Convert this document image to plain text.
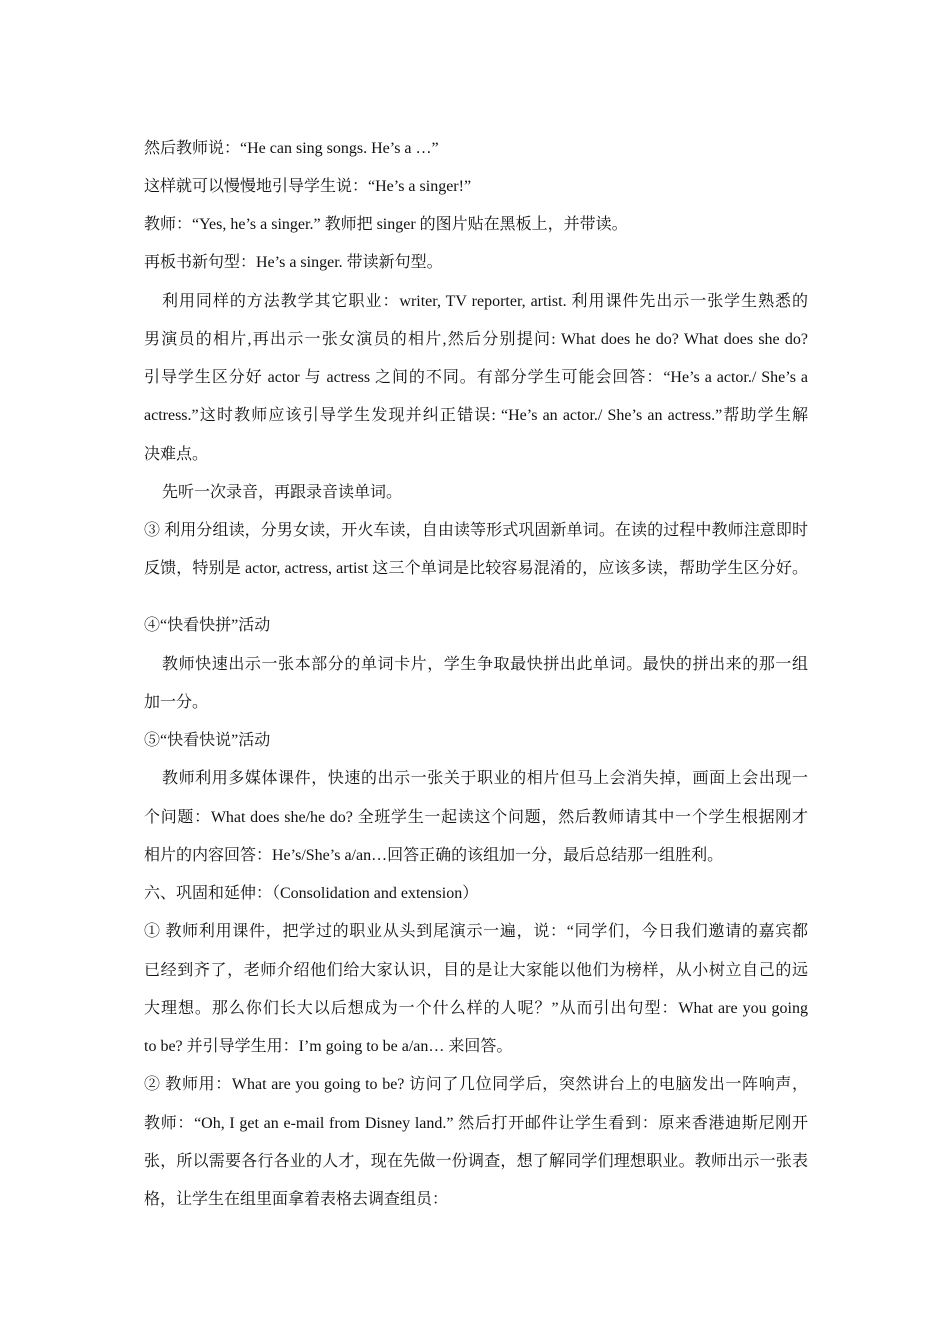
然后教师说：“He can sing songs. He’s a …”
这样就可以慢慢地引导学生说：“He’s a singer!”
教师：“Yes, he’s a singer.” 教师把 singer 的图片贴在黑板上，并带读。
再板书新句型：He’s a singer. 带读新句型。
利用同样的方法教学其它职业：writer, TV reporter, artist. 利用课件先出示一张学生熟悉的
男演员的相片,再出示一张女演员的相片,然后分别提问: What does he do? What does she do?
引导学生区分好 actor 与 actress 之间的不同。有部分学生可能会回答：“He’s a actor./ She’s a
actress.”这时教师应该引导学生发现并纠正错误: “He’s an actor./ She’s an actress.”帮助学生解
决难点。
先听一次录音，再跟录音读单词。
③ 利用分组读，分男女读，开火车读，自由读等形式巩固新单词。在读的过程中教师注意即时
反馈，特别是 actor, actress, artist 这三个单词是比较容易混淆的，应该多读，帮助学生区分好。
④“快看快拼”活动
教师快速出示一张本部分的单词卡片，学生争取最快拼出此单词。最快的拼出来的那一组
加一分。
⑤“快看快说”活动
教师利用多媒体课件，快速的出示一张关于职业的相片但马上会消失掉，画面上会出现一
个问题：What does she/he do? 全班学生一起读这个问题，然后教师请其中一个学生根据刚才
相片的内容回答：He’s/She’s a/an…回答正确的该组加一分，最后总结那一组胜利。
六、巩固和延伸：（Consolidation and extension）
① 教师利用课件，把学过的职业从头到尾演示一遍，说：“同学们，今日我们邀请的嘉宾都
已经到齐了，老师介绍他们给大家认识，目的是让大家能以他们为榜样，从小树立自己的远
大理想。那么你们长大以后想成为一个什么样的人呢？”从而引出句型：What are you going
to be? 并引导学生用：I’m going to be a/an… 来回答。
② 教师用：What are you going to be? 访问了几位同学后，突然讲台上的电脑发出一阵响声，
教师：“Oh, I get an e-mail from Disney land.” 然后打开邮件让学生看到：原来香港迪斯尼刚开
张，所以需要各行各业的人才，现在先做一份调查，想了解同学们理想职业。教师出示一张表
格，让学生在组里面拿着表格去调查组员：
